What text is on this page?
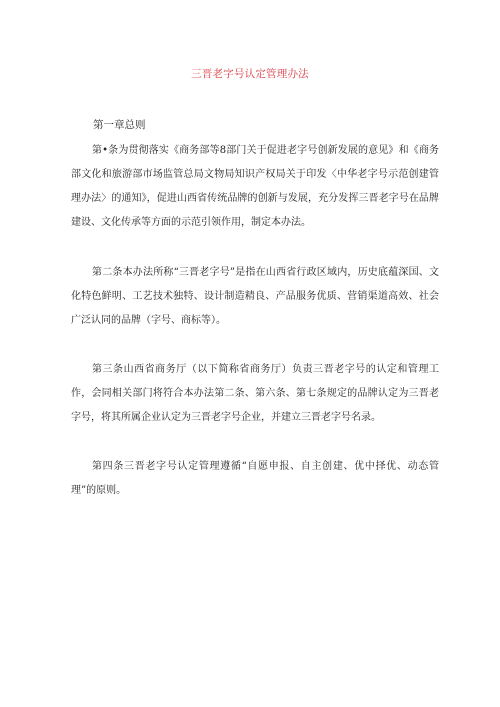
三晋老字号认定管理办法
第一章总则

第•条为贯彻落实《商务部等8部门关于促进老字号创新发展的意见》和《商务部文化和旅游部市场监管总局文物局知识产权局关于印发〈中华老字号示范创建管理办法〉的通知》，促进山西省传统品牌的创新与发展，充分发挥三晋老字号在品牌建设、文化传承等方面的示范引领作用，制定本办法。

第二条本办法所称“三晋老字号”是指在山西省行政区域内，历史底蕴深国、文化特色鲜明、工艺技术独特、设计制造精良、产品服务优质、营销渠道高效、社会广泛认同的品牌（字号、商标等）。

第三条山西省商务厅（以下简称省商务厅）负责三晋老字号的认定和管理工作，会同相关部门将符合本办法第二条、第六条、第七条规定的品牌认定为三晋老字号，将其所属企业认定为三晋老字号企业，并建立三晋老字号名录。

第四条三晋老字号认定管理遵循“自愿申报、自主创建、优中择优、动态管理”的原则。
